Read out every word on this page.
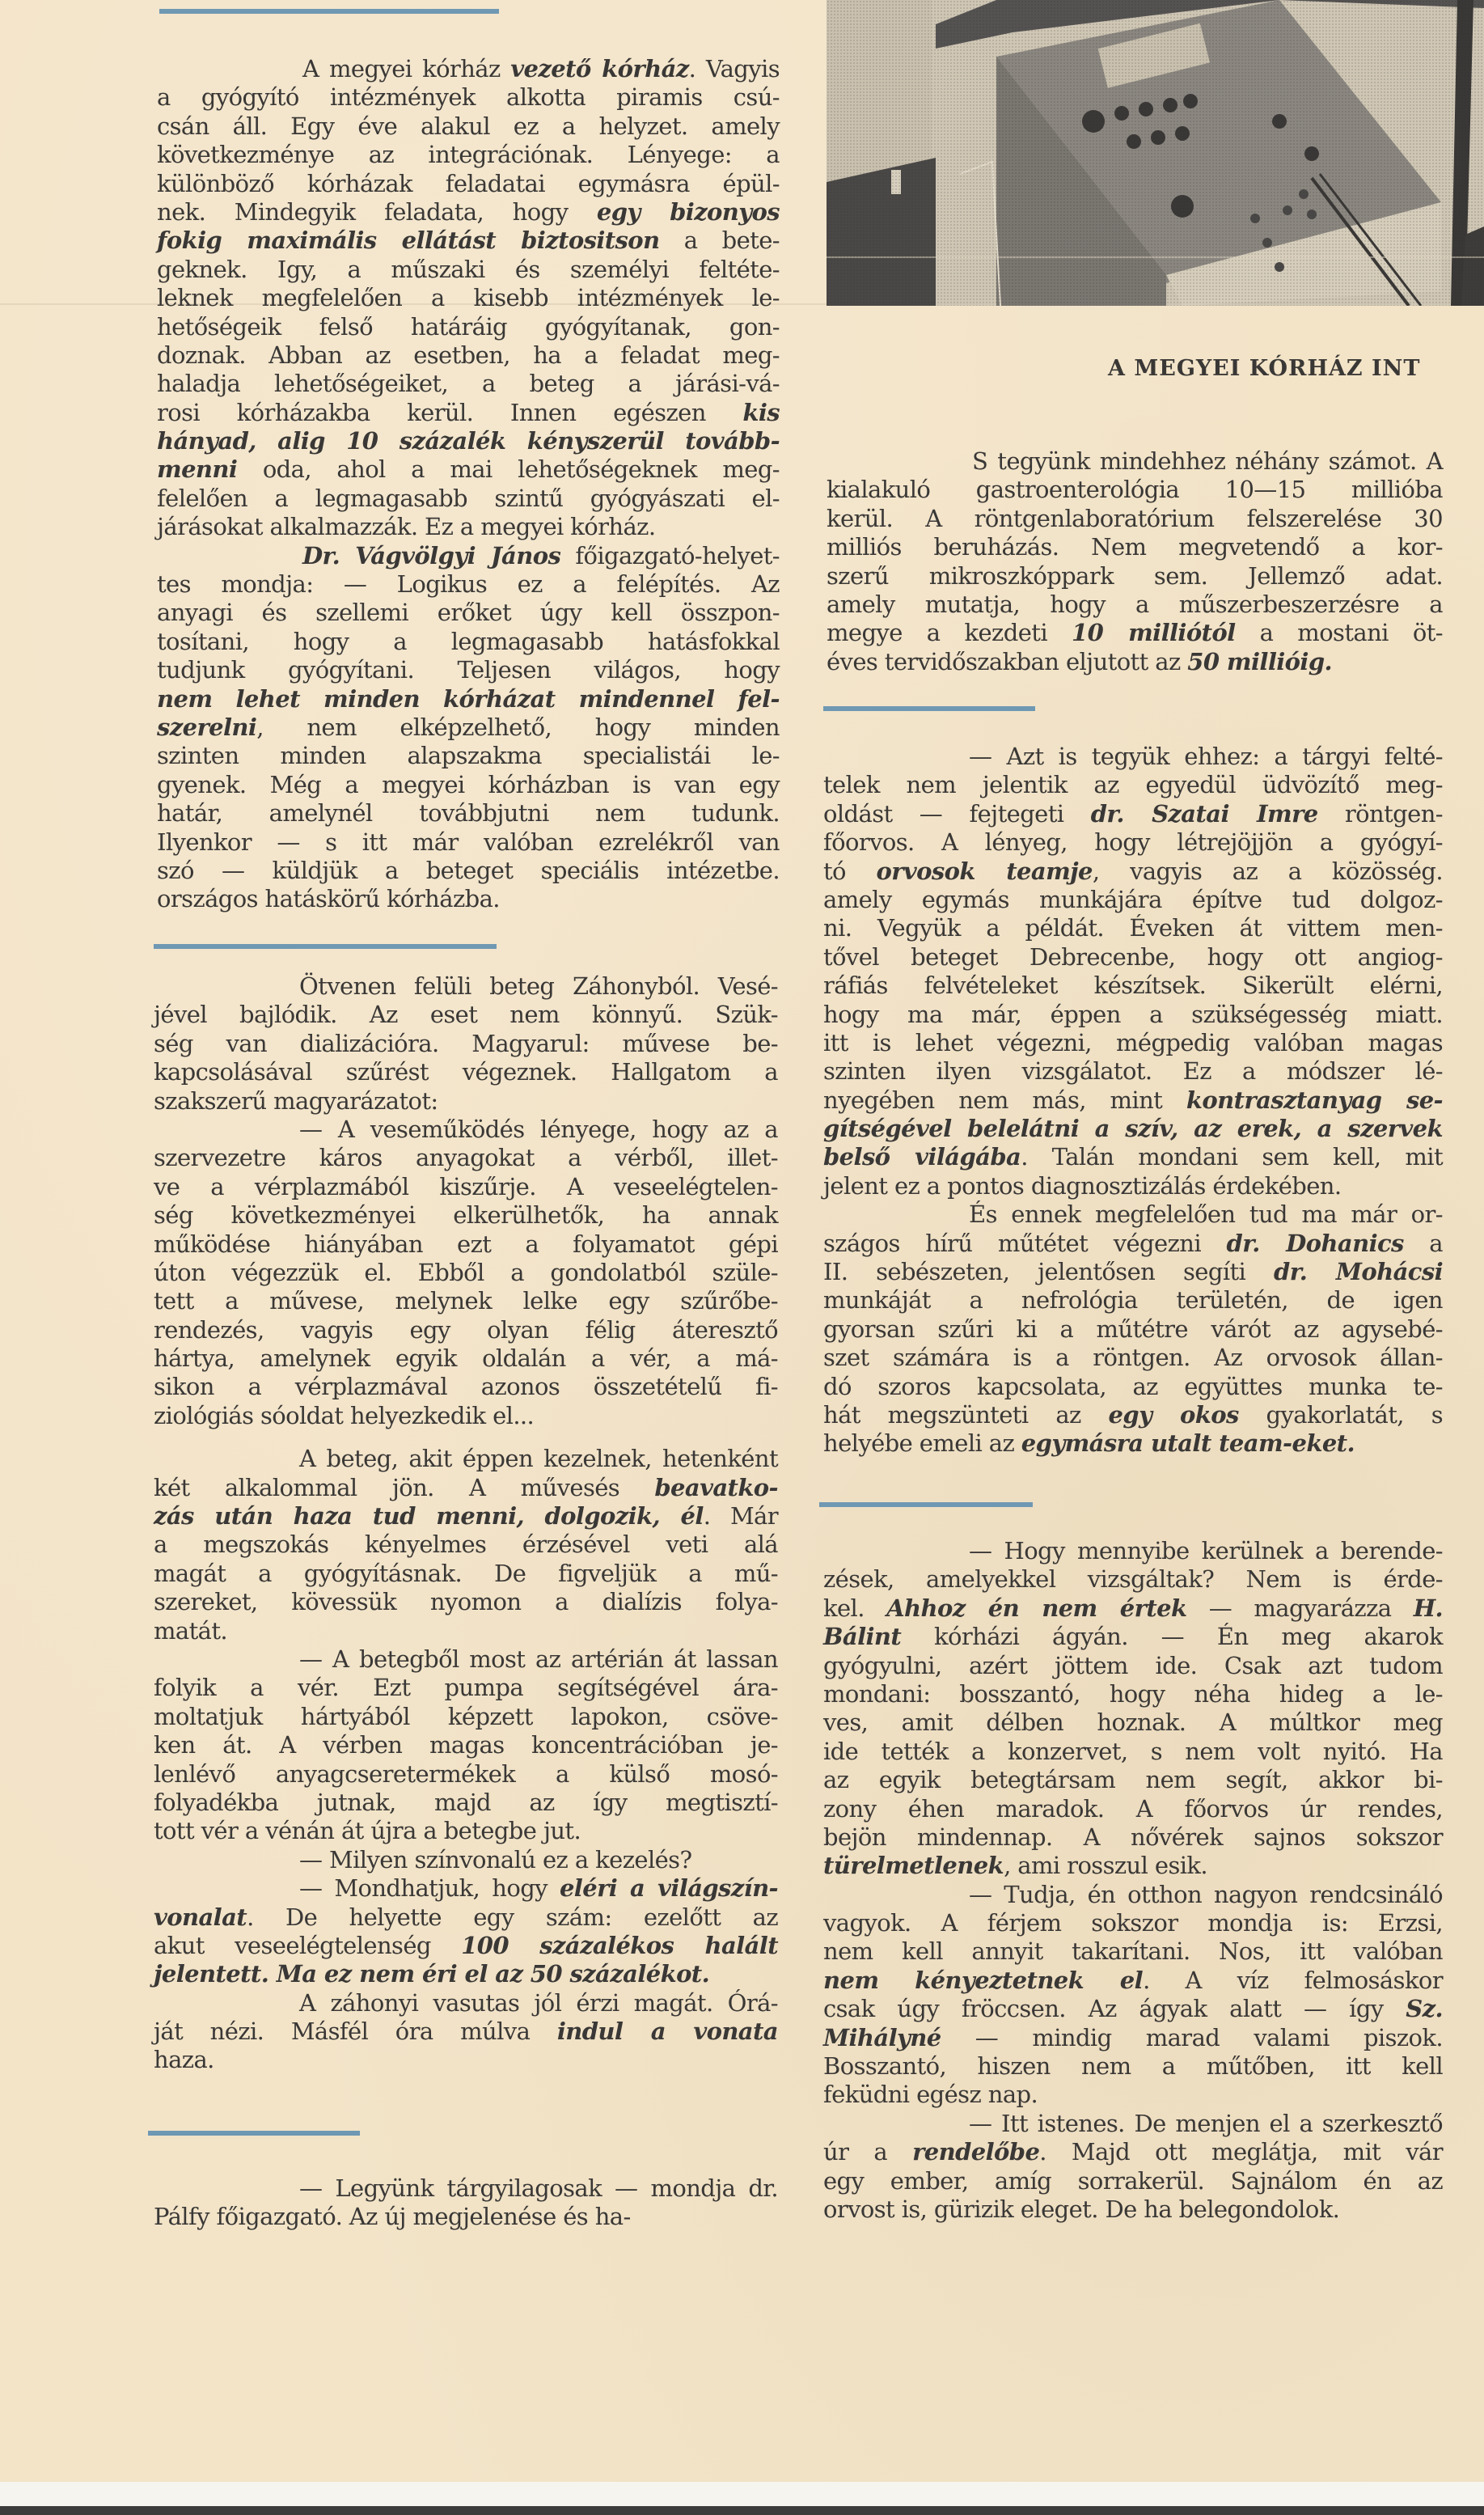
A MEGYEI KÓRHÁZ INT
A megyei kórház vezető kórház. Vagyis
a gyógyító intézmények alkotta piramis csú-
csán áll. Egy éve alakul ez a helyzet. amely
következménye az integrációnak. Lényege: a
különböző kórházak feladatai egymásra épül-
nek. Mindegyik feladata, hogy egy bizonyos
fokig maximális ellátást biztositson a bete-
geknek. Igy, a műszaki és személyi feltéte-
leknek megfelelően a kisebb intézmények le-
hetőségeik felső határáig gyógyítanak, gon-
doznak. Abban az esetben, ha a feladat meg-
haladja lehetőségeiket, a beteg a járási-vá-
rosi kórházakba kerül. Innen egészen kis
hányad, alig 10 százalék kényszerül tovább-
menni oda, ahol a mai lehetőségeknek meg-
felelően a legmagasabb szintű gyógyászati el-
járásokat alkalmazzák. Ez a megyei kórház.
Dr. Vágvölgyi János főigazgató-helyet-
tes mondja: — Logikus ez a felépítés. Az
anyagi és szellemi erőket úgy kell összpon-
tosítani, hogy a legmagasabb hatásfokkal
tudjunk gyógyítani. Teljesen világos, hogy
nem lehet minden kórházat mindennel fel-
szerelni, nem elképzelhető, hogy minden
szinten minden alapszakma specialistái le-
gyenek. Még a megyei kórházban is van egy
határ, amelynél továbbjutni nem tudunk.
Ilyenkor — s itt már valóban ezrelékről van
szó — küldjük a beteget speciális intézetbe.
országos hatáskörű kórházba.
Ötvenen felüli beteg Záhonyból. Vesé-
jével bajlódik. Az eset nem könnyű. Szük-
ség van dializációra. Magyarul: művese be-
kapcsolásával szűrést végeznek. Hallgatom a
szakszerű magyarázatot:
— A veseműködés lényege, hogy az a
szervezetre káros anyagokat a vérből, illet-
ve a vérplazmából kiszűrje. A veseelégtelen-
ség következményei elkerülhetők, ha annak
működése hiányában ezt a folyamatot gépi
úton végezzük el. Ebből a gondolatból szüle-
tett a művese, melynek lelke egy szűrőbe-
rendezés, vagyis egy olyan félig áteresztő
hártya, amelynek egyik oldalán a vér, a má-
sikon a vérplazmával azonos összetételű fi-
ziológiás sóoldat helyezkedik el...
A beteg, akit éppen kezelnek, hetenként
két alkalommal jön. A művesés beavatko-
zás után haza tud menni, dolgozik, él. Már
a megszokás kényelmes érzésével veti alá
magát a gyógyításnak. De figveljük a mű-
szereket, kövessük nyomon a dialízis folya-
matát.
— A betegből most az artérián át lassan
folyik a vér. Ezt pumpa segítségével ára-
moltatjuk hártyából képzett lapokon, csöve-
ken át. A vérben magas koncentrációban je-
lenlévő anyagcseretermékek a külső mosó-
folyadékba jutnak, majd az így megtisztí-
tott vér a vénán át újra a betegbe jut.
— Milyen színvonalú ez a kezelés?
— Mondhatjuk, hogy eléri a világszín-
vonalat. De helyette egy szám: ezelőtt az
akut veseelégtelenség 100 százalékos halált
jelentett. Ma ez nem éri el az 50 százalékot.
A záhonyi vasutas jól érzi magát. Órá-
ját nézi. Másfél óra múlva indul a vonata
haza.
— Legyünk tárgyilagosak — mondja dr.
Pálfy főigazgató. Az új megjelenése és ha-
S tegyünk mindehhez néhány számot. A
kialakuló gastroenterológia 10—15 millióba
kerül. A röntgenlaboratórium felszerelése 30
milliós beruházás. Nem megvetendő a kor-
szerű mikroszkóppark sem. Jellemző adat.
amely mutatja, hogy a műszerbeszerzésre a
megye a kezdeti 10 milliótól a mostani öt-
éves tervidőszakban eljutott az 50 millióig.
— Azt is tegyük ehhez: a tárgyi felté-
telek nem jelentik az egyedül üdvözítő meg-
oldást — fejtegeti dr. Szatai Imre röntgen-
főorvos. A lényeg, hogy létrejöjjön a gyógyí-
tó orvosok teamje, vagyis az a közösség.
amely egymás munkájára építve tud dolgoz-
ni. Vegyük a példát. Éveken át vittem men-
tővel beteget Debrecenbe, hogy ott angiog-
ráfiás felvételeket készítsek. Sikerült elérni,
hogy ma már, éppen a szükségesség miatt.
itt is lehet végezni, mégpedig valóban magas
szinten ilyen vizsgálatot. Ez a módszer lé-
nyegében nem más, mint kontrasztanyag se-
gítségével belelátni a szív, az erek, a szervek
belső világába. Talán mondani sem kell, mit
jelent ez a pontos diagnosztizálás érdekében.
És ennek megfelelően tud ma már or-
szágos hírű műtétet végezni dr. Dohanics a
II. sebészeten, jelentősen segíti dr. Mohácsi
munkáját a nefrológia területén, de igen
gyorsan szűri ki a műtétre várót az agysebé-
szet számára is a röntgen. Az orvosok állan-
dó szoros kapcsolata, az együttes munka te-
hát megszünteti az egy okos gyakorlatát, s
helyébe emeli az egymásra utalt team-eket.
— Hogy mennyibe kerülnek a berende-
zések, amelyekkel vizsgáltak? Nem is érde-
kel. Ahhoz én nem értek — magyarázza H.
Bálint kórházi ágyán. — Én meg akarok
gyógyulni, azért jöttem ide. Csak azt tudom
mondani: bosszantó, hogy néha hideg a le-
ves, amit délben hoznak. A múltkor meg
ide tették a konzervet, s nem volt nyitó. Ha
az egyik betegtársam nem segít, akkor bi-
zony éhen maradok. A főorvos úr rendes,
bejön mindennap. A nővérek sajnos sokszor
türelmetlenek, ami rosszul esik.
— Tudja, én otthon nagyon rendcsináló
vagyok. A férjem sokszor mondja is: Erzsi,
nem kell annyit takarítani. Nos, itt valóban
nem kényeztetnek el. A víz felmosáskor
csak úgy fröccsen. Az ágyak alatt — így Sz.
Mihályné — mindig marad valami piszok.
Bosszantó, hiszen nem a műtőben, itt kell
feküdni egész nap.
— Itt istenes. De menjen el a szerkesztő
úr a rendelőbe. Majd ott meglátja, mit vár
egy ember, amíg sorrakerül. Sajnálom én az
orvost is, gürizik eleget. De ha belegondolok.
